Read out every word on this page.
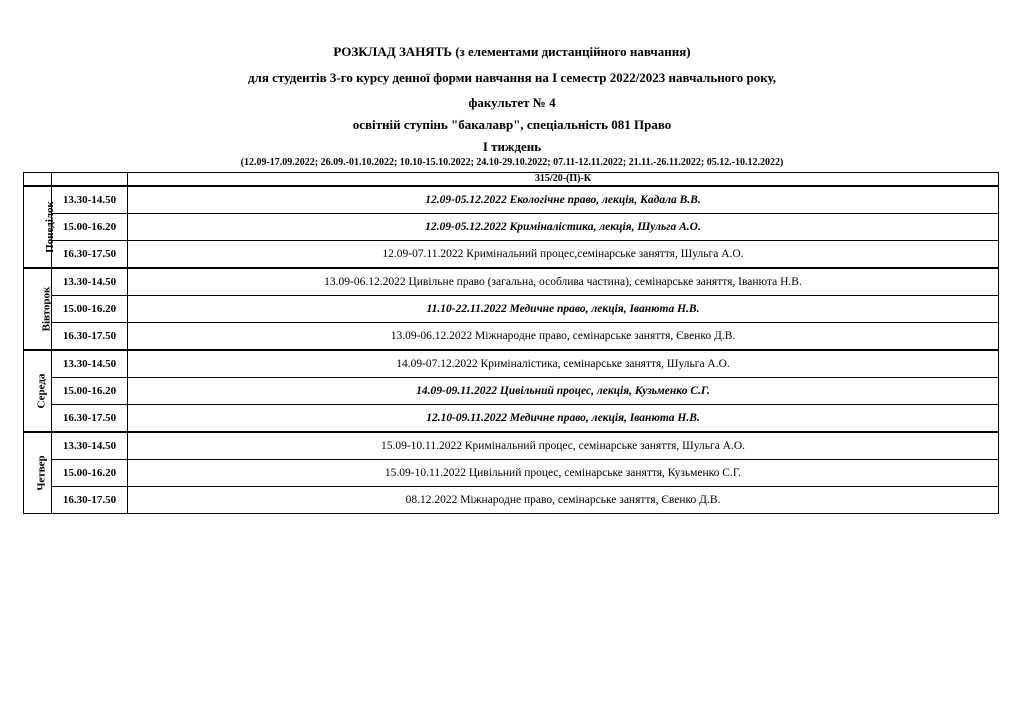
РОЗКЛАД ЗАНЯТЬ (з елементами дистанційного навчання)
для студентів 3-го курсу денної форми навчання на І семестр 2022/2023 навчального року,
факультет № 4
освітній ступінь "бакалавр", спеціальність 081 Право
І тиждень
(12.09-17.09.2022; 26.09.-01.10.2022; 10.10-15.10.2022; 24.10-29.10.2022; 07.11-12.11.2022; 21.11.-26.11.2022; 05.12.-10.12.2022)
		315/20-(П)-К
Понеділок	13.30-14.50	12.09-05.12.2022 Екологічне право, лекція, Кадала В.В.
	15.00-16.20	12.09-05.12.2022 Криміналістика, лекція, Шульга А.О.
	16.30-17.50	12.09-07.11.2022 Кримінальний процес,семінарське заняття, Шульга А.О.
Вівторок	13.30-14.50	13.09-06.12.2022 Цивільне право (загальна, особлива частина), семінарське заняття, Іванюта Н.В.
	15.00-16.20	11.10-22.11.2022 Медичне право, лекція, Іванюта Н.В.
	16.30-17.50	13.09-06.12.2022 Міжнародне право, семінарське заняття, Євенко Д.В.
Середа	13.30-14.50	14.09-07.12.2022 Криміналістика, семінарське заняття, Шульга А.О.
	15.00-16.20	14.09-09.11.2022 Цивільний процес, лекція, Кузьменко С.Г.
	16.30-17.50	12.10-09.11.2022 Медичне право, лекція, Іванюта Н.В.
Четвер	13.30-14.50	15.09-10.11.2022 Кримінальний процес, семінарське заняття, Шульга А.О.
	15.00-16.20	15.09-10.11.2022 Цивільний процес, семінарське заняття, Кузьменко С.Г.
	16.30-17.50	08.12.2022 Міжнародне право, семінарське заняття, Євенко Д.В.
